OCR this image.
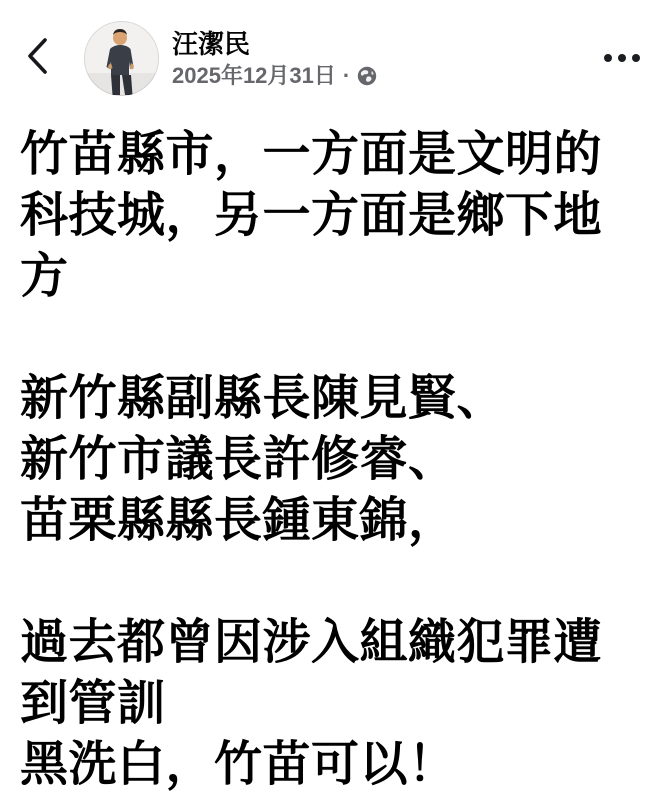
汪潔民
2025年12月31日 ·
竹苗縣市，一方面是文明的
科技城，另一方面是鄉下地
方

新竹縣副縣長陳見賢、
新竹市議長許修睿、
苗栗縣縣長鍾東錦，

過去都曾因涉入組織犯罪遭
到管訓
黑洗白，竹苗可以！
